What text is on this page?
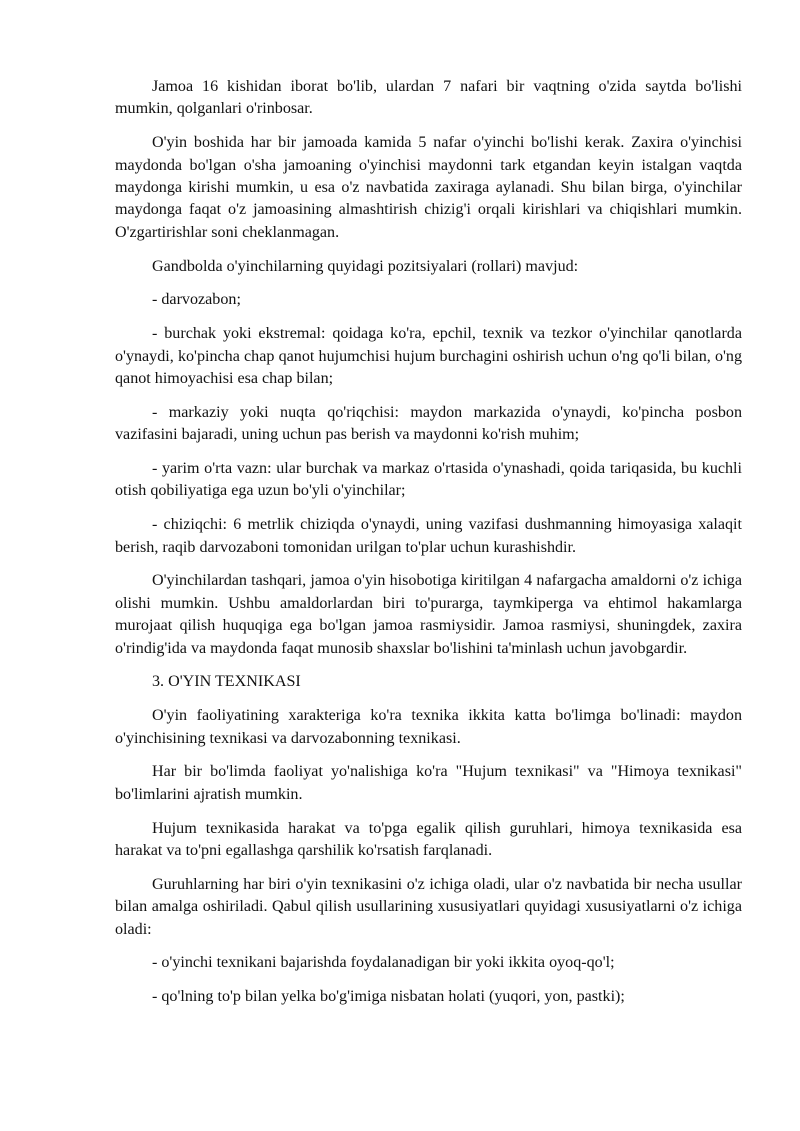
Jamoa 16 kishidan iborat bo'lib, ulardan 7 nafari bir vaqtning o'zida saytda bo'lishi mumkin, qolganlari o'rinbosar.

O'yin boshida har bir jamoada kamida 5 nafar o'yinchi bo'lishi kerak. Zaxira o'yinchisi maydonda bo'lgan o'sha jamoaning o'yinchisi maydonni tark etgandan keyin istalgan vaqtda maydonga kirishi mumkin, u esa o'z navbatida zaxiraga aylanadi. Shu bilan birga, o'yinchilar maydonga faqat o'z jamoasining almashtirish chizig'i orqali kirishlari va chiqishlari mumkin. O'zgartirishlar soni cheklanmagan.

Gandbolda o'yinchilarning quyidagi pozitsiyalari (rollari) mavjud:

- darvozabon;

- burchak yoki ekstremal: qoidaga ko'ra, epchil, texnik va tezkor o'yinchilar qanotlarda o'ynaydi, ko'pincha chap qanot hujumchisi hujum burchagini oshirish uchun o'ng qo'li bilan, o'ng qanot himoyachisi esa chap bilan;

- markaziy yoki nuqta qo'riqchisi: maydon markazida o'ynaydi, ko'pincha posbon vazifasini bajaradi, uning uchun pas berish va maydonni ko'rish muhim;

- yarim o'rta vazn: ular burchak va markaz o'rtasida o'ynashadi, qoida tariqasida, bu kuchli otish qobiliyatiga ega uzun bo'yli o'yinchilar;

- chiziqchi: 6 metrlik chiziqda o'ynaydi, uning vazifasi dushmanning himoyasiga xalaqit berish, raqib darvozaboni tomonidan urilgan to'plar uchun kurashishdir.

O'yinchilardan tashqari, jamoa o'yin hisobotiga kiritilgan 4 nafargacha amaldorni o'z ichiga olishi mumkin. Ushbu amaldorlardan biri to'purarga, taymkiperga va ehtimol hakamlarga murojaat qilish huquqiga ega bo'lgan jamoa rasmiysidir. Jamoa rasmiysi, shuningdek, zaxira o'rindig'ida va maydonda faqat munosib shaxslar bo'lishini ta'minlash uchun javobgardir.

3. O'YIN TEXNIKASI

O'yin faoliyatining xarakteriga ko'ra texnika ikkita katta bo'limga bo'linadi: maydon o'yinchisining texnikasi va darvozabonning texnikasi.

Har bir bo'limda faoliyat yo'nalishiga ko'ra "Hujum texnikasi" va "Himoya texnikasi" bo'limlarini ajratish mumkin.

Hujum texnikasida harakat va to'pga egalik qilish guruhlari, himoya texnikasida esa harakat va to'pni egallashga qarshilik ko'rsatish farqlanadi.

Guruhlarning har biri o'yin texnikasini o'z ichiga oladi, ular o'z navbatida bir necha usullar bilan amalga oshiriladi. Qabul qilish usullarining xususiyatlari quyidagi xususiyatlarni o'z ichiga oladi:

- o'yinchi texnikani bajarishda foydalanadigan bir yoki ikkita oyoq-qo'l;

- qo'lning to'p bilan yelka bo'g'imiga nisbatan holati (yuqori, yon, pastki);
